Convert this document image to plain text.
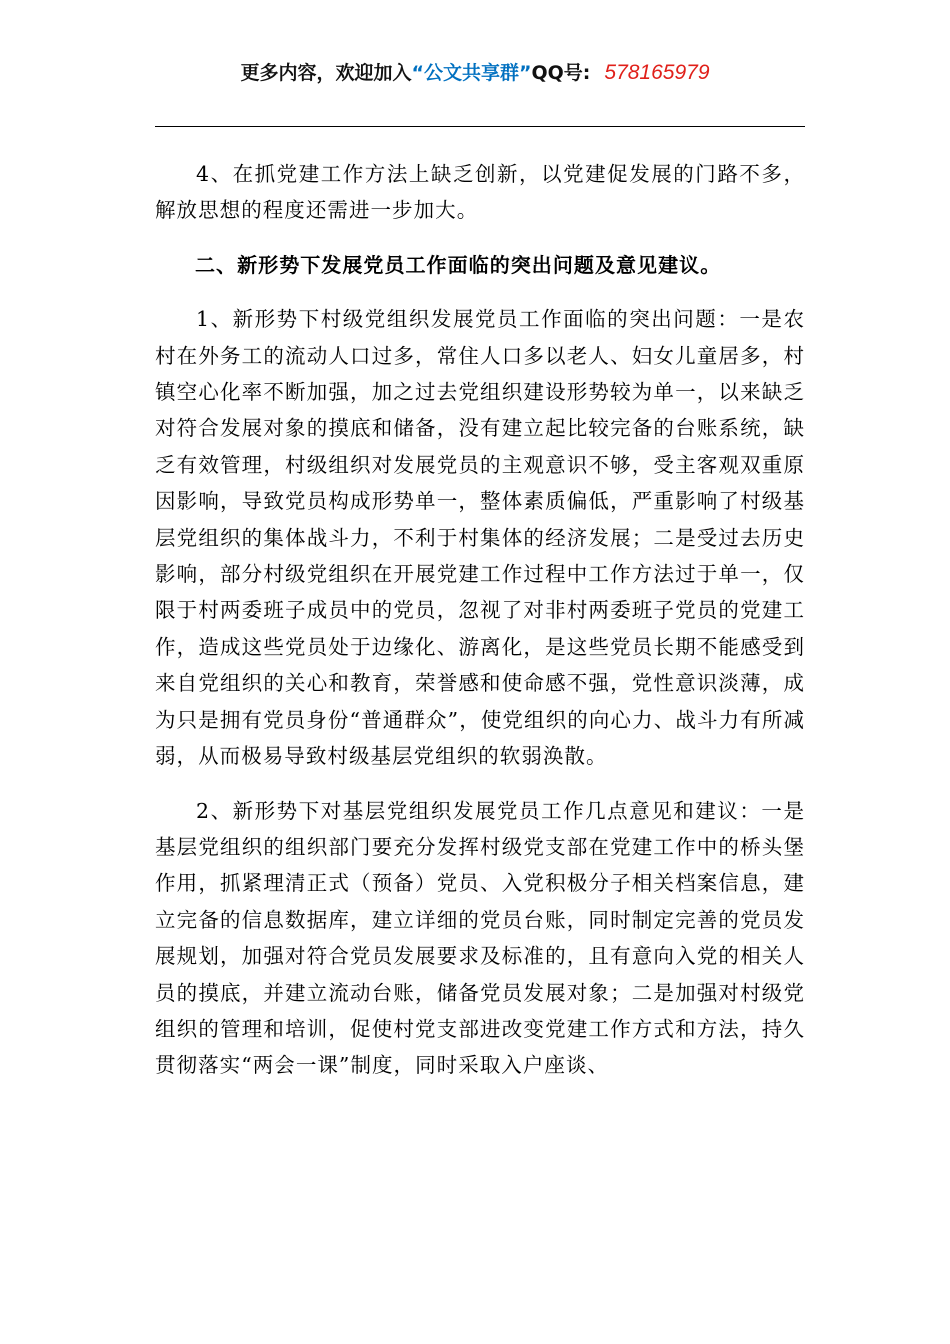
更多内容，欢迎加入“公文共享群”QQ号: 578165979

4、在抓党建工作方法上缺乏创新，以党建促发展的门路不多，解放思想的程度还需进一步加大。

二、新形势下发展党员工作面临的突出问题及意见建议。

1、新形势下村级党组织发展党员工作面临的突出问题：一是农村在外务工的流动人口过多，常住人口多以老人、妇女儿童居多，村镇空心化率不断加强，加之过去党组织建设形势较为单一，以来缺乏对符合发展对象的摸底和储备，没有建立起比较完备的台账系统，缺乏有效管理，村级组织对发展党员的主观意识不够，受主客观双重原因影响，导致党员构成形势单一，整体素质偏低，严重影响了村级基层党组织的集体战斗力，不利于村集体的经济发展；二是受过去历史影响，部分村级党组织在开展党建工作过程中工作方法过于单一，仅限于村两委班子成员中的党员，忽视了对非村两委班子党员的党建工作，造成这些党员处于边缘化、游离化，是这些党员长期不能感受到来自党组织的关心和教育，荣誉感和使命感不强，党性意识淡薄，成为只是拥有党员身份“普通群众”，使党组织的向心力、战斗力有所减弱，从而极易导致村级基层党组织的软弱涣散。

2、新形势下对基层党组织发展党员工作几点意见和建议：一是基层党组织的组织部门要充分发挥村级党支部在党建工作中的桥头堡作用，抓紧理清正式（预备）党员、入党积极分子相关档案信息，建立完备的信息数据库，建立详细的党员台账，同时制定完善的党员发展规划，加强对符合党员发展要求及标准的，且有意向入党的相关人员的摸底，并建立流动台账，储备党员发展对象；二是加强对村级党组织的管理和培训，促使村党支部进改变党建工作方式和方法，持久贯彻落实“两会一课”制度，同时采取入户座谈、
